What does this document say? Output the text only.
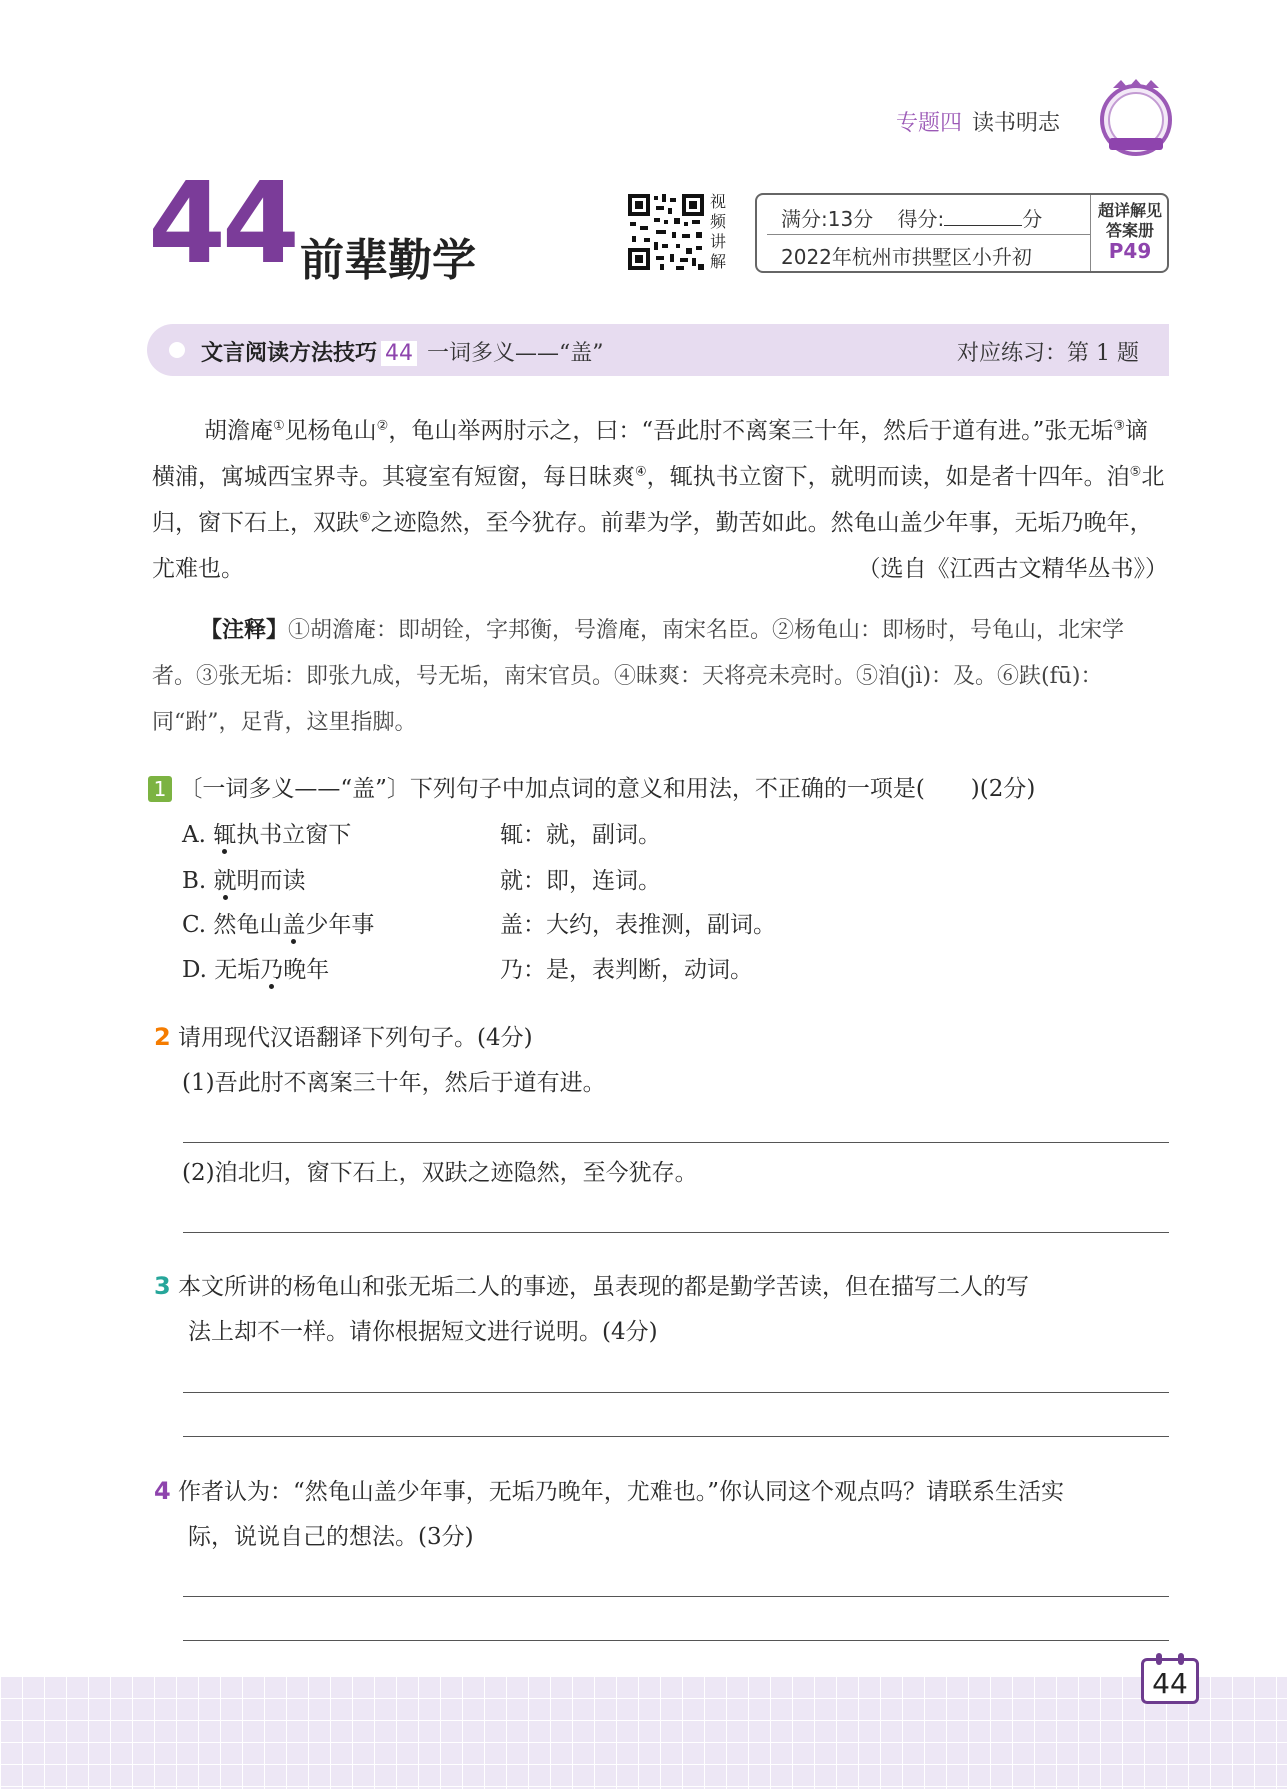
专题四 读书明志
44 前辈勤学
视频讲解
满分:13分 得分:	分
2022年杭州市拱墅区小升初
超详解见
答案册
P49
文言阅读方法技巧 44 一词多义——“盖”	对应练习：第 1 题
胡澹庵①见杨龟山②，龟山举两肘示之，曰：“吾此肘不离案三十年，然后于道有进。”张无垢③谪横浦，寓城西宝界寺。其寝室有短窗，每日昧爽④，辄执书立窗下，就明而读，如是者十四年。洎⑤北归，窗下石上，双趺⑥之迹隐然，至今犹存。前辈为学，勤苦如此。然龟山盖少年事，无垢乃晚年，尤难也。	（选自《江西古文精华丛书》）
【注释】①胡澹庵：即胡铨，字邦衡，号澹庵，南宋名臣。②杨龟山：即杨时，号龟山，北宋学者。③张无垢：即张九成，号无垢，南宋官员。④昧爽：天将亮未亮时。⑤洎(jì)：及。⑥趺(fū)：同“跗”，足背，这里指脚。
1 〔一词多义——“盖”〕下列句子中加点词的意义和用法，不正确的一项是(　　)(2分)
A. 辄执书立窗下	辄：就，副词。
B. 就明而读	就：即，连词。
C. 然龟山盖少年事	盖：大约，表推测，副词。
D. 无垢乃晚年	乃：是，表判断，动词。
2 请用现代汉语翻译下列句子。(4分)
(1)吾此肘不离案三十年，然后于道有进。
(2)洎北归，窗下石上，双趺之迹隐然，至今犹存。
3 本文所讲的杨龟山和张无垢二人的事迹，虽表现的都是勤学苦读，但在描写二人的写
法上却不一样。请你根据短文进行说明。(4分)
4 作者认为：“然龟山盖少年事，无垢乃晚年，尤难也。”你认同这个观点吗？请联系生活实
际，说说自己的想法。(3分)
44
